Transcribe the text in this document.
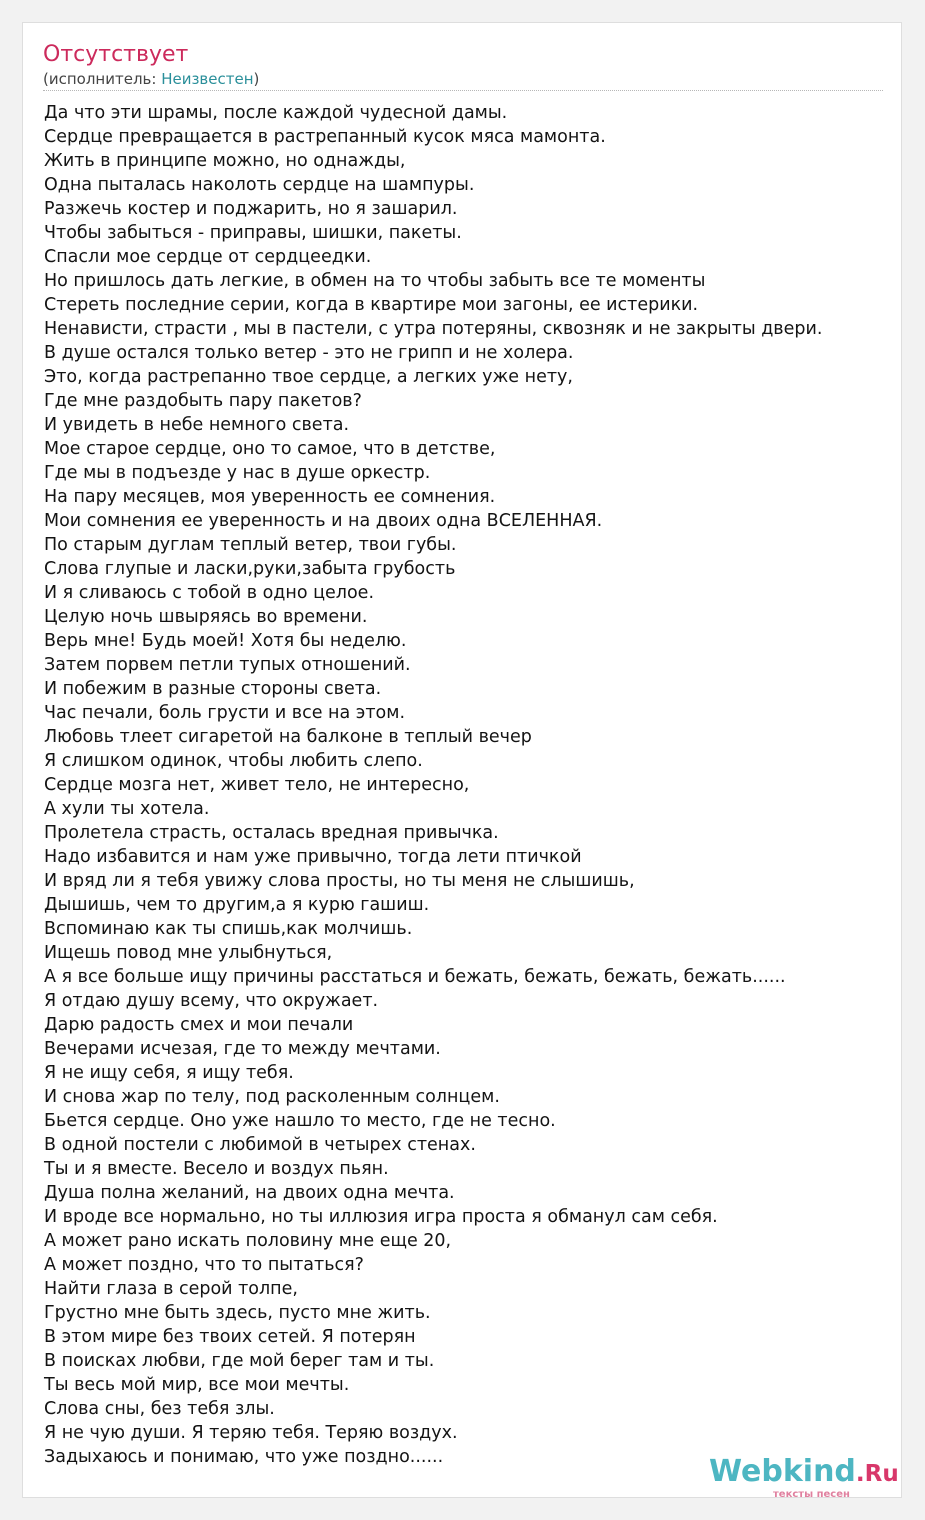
Отсутствует
(исполнитель: Неизвестен)
Да что эти шрамы, после каждой чудесной дамы.
Сердце превращается в растрепанный кусок мяса мамонта.
Жить в принципе можно, но однажды,
Одна пыталась наколоть сердце на шампуры.
Разжечь костер и поджарить, но я зашарил.
Чтобы забыться - приправы, шишки, пакеты.
Спасли мое сердце от сердцеедки.
Но пришлось дать легкие, в обмен на то чтобы забыть все те моменты
Стереть последние серии, когда в квартире мои загоны, ее истерики.
Ненависти, страсти , мы в пастели, с утра потеряны, сквозняк и не закрыты двери.
В душе остался только ветер - это не грипп и не холера.
Это, когда растрепанно твое сердце, а легких уже нету,
Где мне раздобыть пару пакетов?
И увидеть в небе немного света.
Мое старое сердце, оно то самое, что в детстве,
Где мы в подъезде у нас в душе оркестр.
На пару месяцев, моя уверенность ее сомнения.
Мои сомнения ее уверенность и на двоих одна ВСЕЛЕННАЯ.
По старым дуглам теплый ветер, твои губы.
Слова глупые и ласки,руки,забыта грубость
И я сливаюсь с тобой в одно целое.
Целую ночь швыряясь во времени.
Верь мне! Будь моей! Хотя бы неделю.
Затем порвем петли тупых отношений.
И побежим в разные стороны света.
Час печали, боль грусти и все на этом.
Любовь тлеет сигаретой на балконе в теплый вечер
Я слишком одинок, чтобы любить слепо.
Сердце мозга нет, живет тело, не интересно,
А хули ты хотела.
Пролетела страсть, осталась вредная привычка.
Надо избавится и нам уже привычно, тогда лети птичкой
И вряд ли я тебя увижу слова просты, но ты меня не слышишь,
Дышишь, чем то другим,а я курю гашиш.
Вспоминаю как ты спишь,как молчишь.
Ищешь повод мне улыбнуться,
А я все больше ищу причины расстаться и бежать, бежать, бежать, бежать......
Я отдаю душу всему, что окружает.
Дарю радость смех и мои печали
Вечерами исчезая, где то между мечтами.
Я не ищу себя, я ищу тебя.
И снова жар по телу, под расколенным солнцем.
Бьется сердце. Оно уже нашло то место, где не тесно.
В одной постели с любимой в четырех стенах.
Ты и я вместе. Весело и воздух пьян.
Душа полна желаний, на двоих одна мечта.
И вроде все нормально, но ты иллюзия игра проста я обманул сам себя.
А может рано искать половину мне еще 20,
А может поздно, что то пытаться?
Найти глаза в серой толпе,
Грустно мне быть здесь, пусто мне жить.
В этом мире без твоих сетей. Я потерян
В поисках любви, где мой берег там и ты.
Ты весь мой мир, все мои мечты.
Слова сны, без тебя злы.
Я не чую души. Я теряю тебя. Теряю воздух.
Задыхаюсь и понимаю, что уже поздно......	Webkind.Ru
тексты песен
